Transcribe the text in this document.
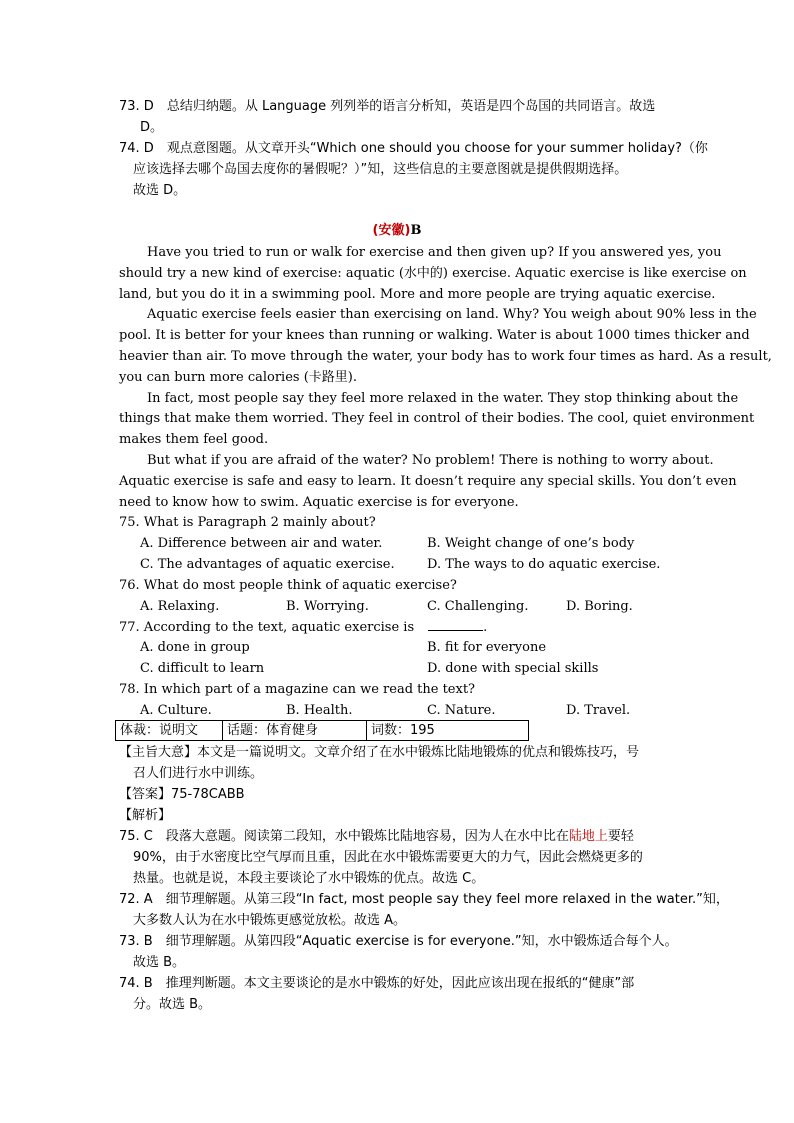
73. D　总结归纳题。从 Language 列列举的语言分析知，英语是四个岛国的共同语言。故选
D。
74. D　观点意图题。从文章开头“Which one should you choose for your summer holiday?（你
应该选择去哪个岛国去度你的暑假呢？）”知，这些信息的主要意图就是提供假期选择。
故选 D。
(安徽)B
Have you tried to run or walk for exercise and then given up? If you answered yes, you
should try a new kind of exercise: aquatic (水中的) exercise. Aquatic exercise is like exercise on
land, but you do it in a swimming pool. More and more people are trying aquatic exercise.
Aquatic exercise feels easier than exercising on land. Why? You weigh about 90% less in the
pool. It is better for your knees than running or walking. Water is about 1000 times thicker and
heavier than air. To move through the water, your body has to work four times as hard. As a result,
you can burn more calories (卡路里).
In fact, most people say they feel more relaxed in the water. They stop thinking about the
things that make them worried. They feel in control of their bodies. The cool, quiet environment
makes them feel good.
But what if you are afraid of the water? No problem! There is nothing to worry about.
Aquatic exercise is safe and easy to learn. It doesn’t require any special skills. You don’t even
need to know how to swim. Aquatic exercise is for everyone.
75. What is Paragraph 2 mainly about?
A. Difference between air and water.	B. Weight change of one’s body
C. The advantages of aquatic exercise. D. The ways to do aquatic exercise.
76. What do most people think of aquatic exercise?
A. Relaxing.	B. Worrying.	C. Challenging.	D. Boring.
77. According to the text, aquatic exercise is	.
A. done in group	B. fit for everyone
C. difficult to learn	D. done with special skills
78. In which part of a magazine can we read the text?
A. Culture.	B. Health.	C. Nature.	D. Travel.
体裁：说明文	话题：体育健身	词数：195
【主旨大意】本文是一篇说明文。文章介绍了在水中锻炼比陆地锻炼的优点和锻炼技巧，号
召人们进行水中训练。
【答案】75-78CABB
【解析】
75. C　段落大意题。阅读第二段知，水中锻炼比陆地容易，因为人在水中比在陆地上要轻
90%，由于水密度比空气厚而且重，因此在水中锻炼需要更大的力气，因此会燃烧更多的
热量。也就是说，本段主要谈论了水中锻炼的优点。故选 C。
72. A　细节理解题。从第三段“In fact, most people say they feel more relaxed in the water.”知，
大多数人认为在水中锻炼更感觉放松。故选 A。
73. B　细节理解题。从第四段“Aquatic exercise is for everyone.”知，水中锻炼适合每个人。
故选 B。
74. B　推理判断题。本文主要谈论的是水中锻炼的好处，因此应该出现在报纸的“健康”部
分。故选 B。
